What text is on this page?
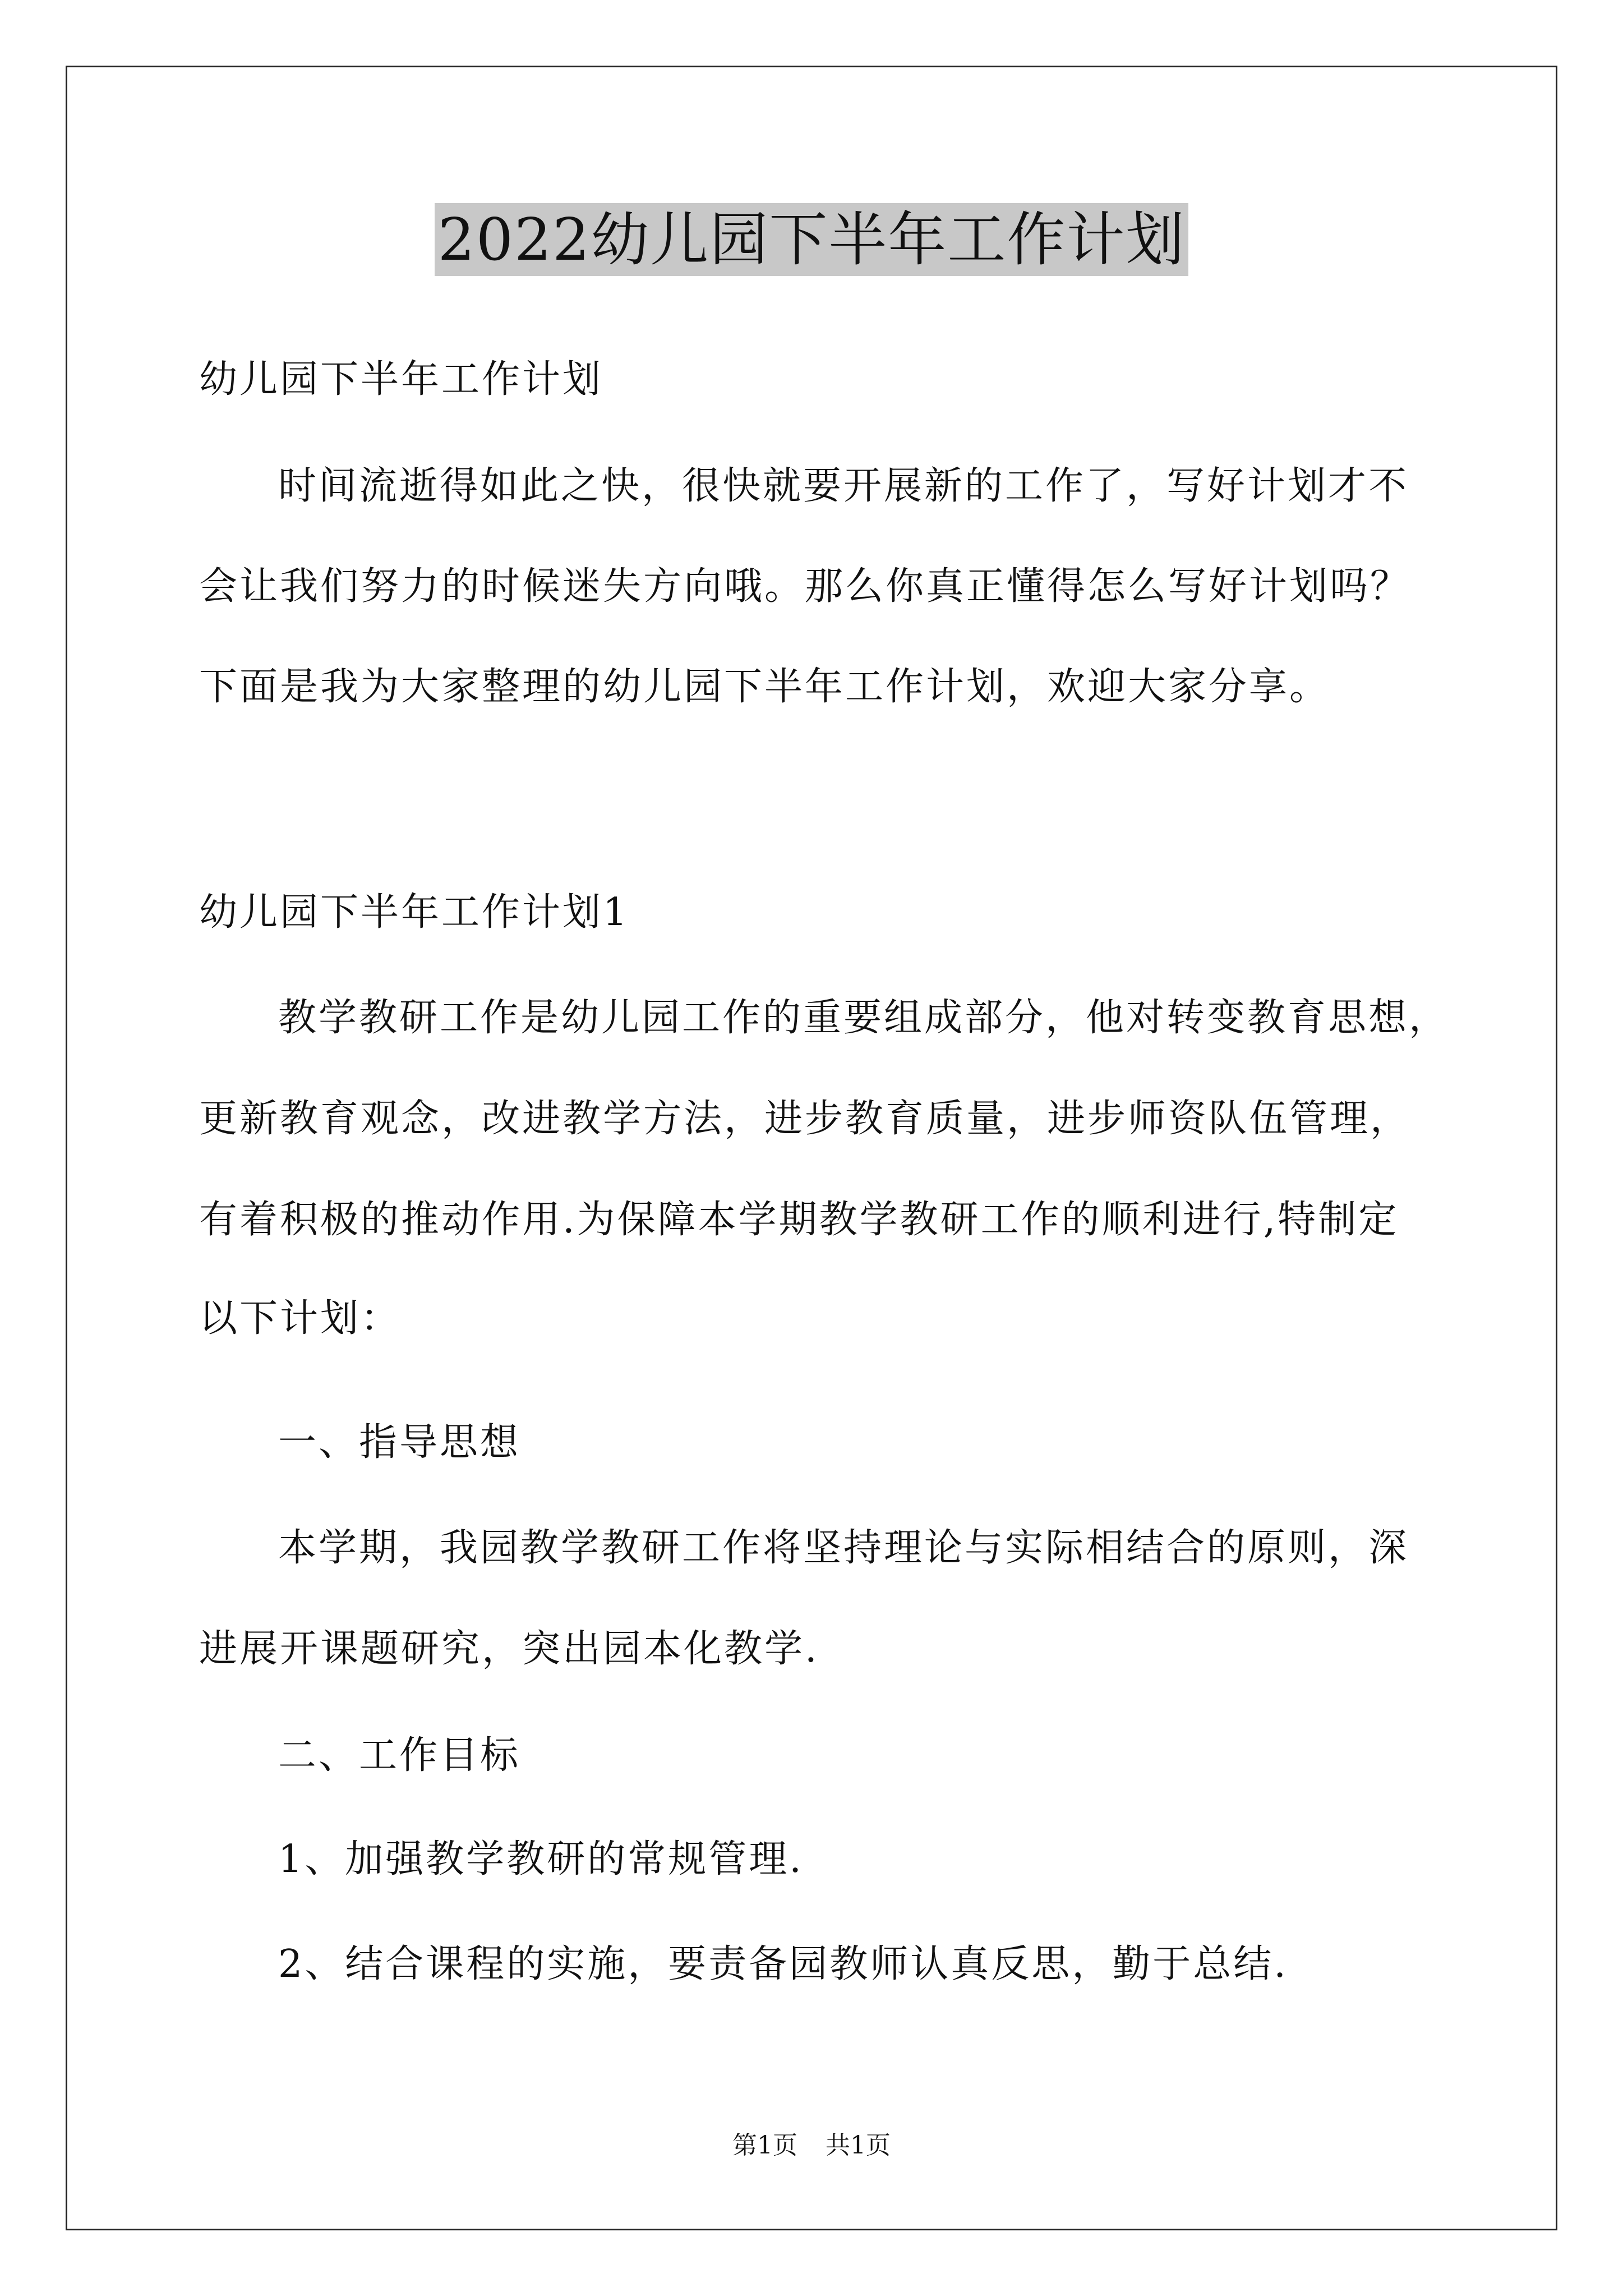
2022幼儿园下半年工作计划
幼儿园下半年工作计划
时间流逝得如此之快，很快就要开展新的工作了，写好计划才不
会让我们努力的时候迷失方向哦。那么你真正懂得怎么写好计划吗？
下面是我为大家整理的幼儿园下半年工作计划，欢迎大家分享。
幼儿园下半年工作计划1
教学教研工作是幼儿园工作的重要组成部分，他对转变教育思想，
更新教育观念，改进教学方法，进步教育质量，进步师资队伍管理，
有着积极的推动作用.为保障本学期教学教研工作的顺利进行,特制定
以下计划：
一、指导思想
本学期，我园教学教研工作将坚持理论与实际相结合的原则，深
进展开课题研究，突出园本化教学.
二、工作目标
1、加强教学教研的常规管理.
2、结合课程的实施，要责备园教师认真反思，勤于总结.
第1页 共1页
